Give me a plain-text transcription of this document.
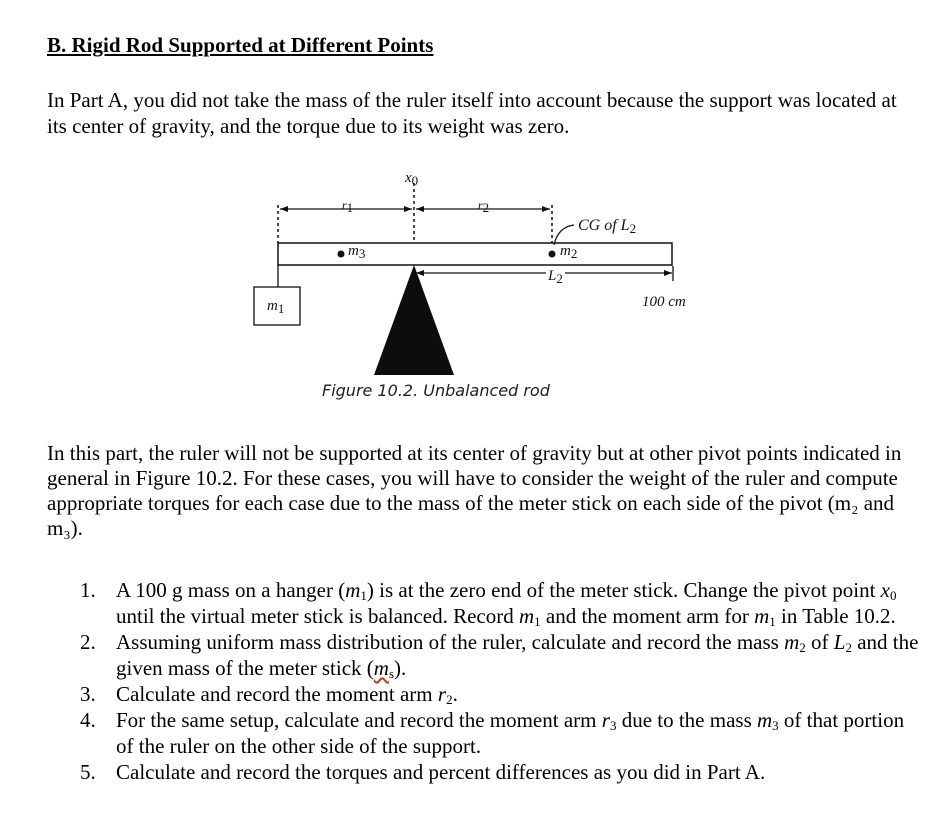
B. Rigid Rod Supported at Different Points
In Part A, you did not take the mass of the ruler itself into account because the support was located at its center of gravity, and the torque due to its weight was zero.
$x_0$
$r_1$	$r_2$
$m_3$	$m_2$
CG of $L_2$
$L_2$
100 cm
$m_1$
Figure 10.2. Unbalanced rod
In this part, the ruler will not be supported at its center of gravity but at other pivot points indicated in general in Figure 10.2. For these cases, you will have to consider the weight of the ruler and compute appropriate torques for each case due to the mass of the meter stick on each side of the pivot (m₂ and m₃).
1. A 100 g mass on a hanger $(m_1)$ is at the zero end of the meter stick. Change the pivot point $x_0$ until the virtual meter stick is balanced. Record $m_1$ and the moment arm for $m_1$ in Table 10.2.
2. Assuming uniform mass distribution of the ruler, calculate and record the mass $m_2$ of $L_2$ and the given mass of the meter stick $(m_s)$.
3. Calculate and record the moment arm $r_2$.
4. For the same setup, calculate and record the moment arm $r_3$ due to the mass $m_3$ of that portion of the ruler on the other side of the support.
5. Calculate and record the torques and percent differences as you did in Part A.
